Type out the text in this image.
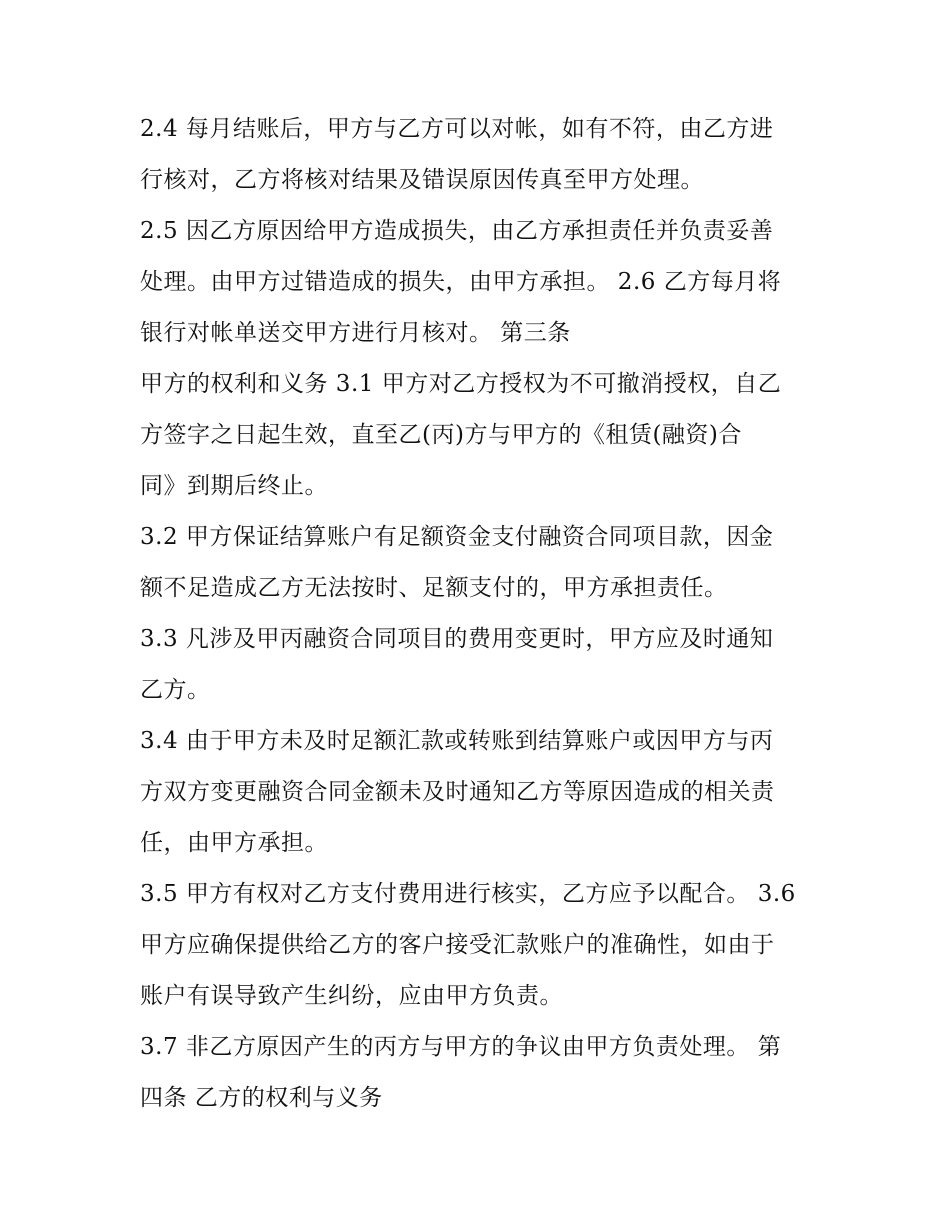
2.4 每月结账后，甲方与乙方可以对帐，如有不符，由乙方进
行核对，乙方将核对结果及错误原因传真至甲方处理。
2.5 因乙方原因给甲方造成损失，由乙方承担责任并负责妥善
处理。由甲方过错造成的损失，由甲方承担。 2.6 乙方每月将
银行对帐单送交甲方进行月核对。 第三条
甲方的权利和义务 3.1 甲方对乙方授权为不可撤消授权，自乙
方签字之日起生效，直至乙(丙)方与甲方的《租赁(融资)合
同》到期后终止。
3.2 甲方保证结算账户有足额资金支付融资合同项目款，因金
额不足造成乙方无法按时、足额支付的，甲方承担责任。
3.3 凡涉及甲丙融资合同项目的费用变更时，甲方应及时通知
乙方。
3.4 由于甲方未及时足额汇款或转账到结算账户或因甲方与丙
方双方变更融资合同金额未及时通知乙方等原因造成的相关责
任，由甲方承担。
3.5 甲方有权对乙方支付费用进行核实，乙方应予以配合。 3.6
甲方应确保提供给乙方的客户接受汇款账户的准确性，如由于
账户有误导致产生纠纷，应由甲方负责。
3.7 非乙方原因产生的丙方与甲方的争议由甲方负责处理。 第
四条 乙方的权利与义务
